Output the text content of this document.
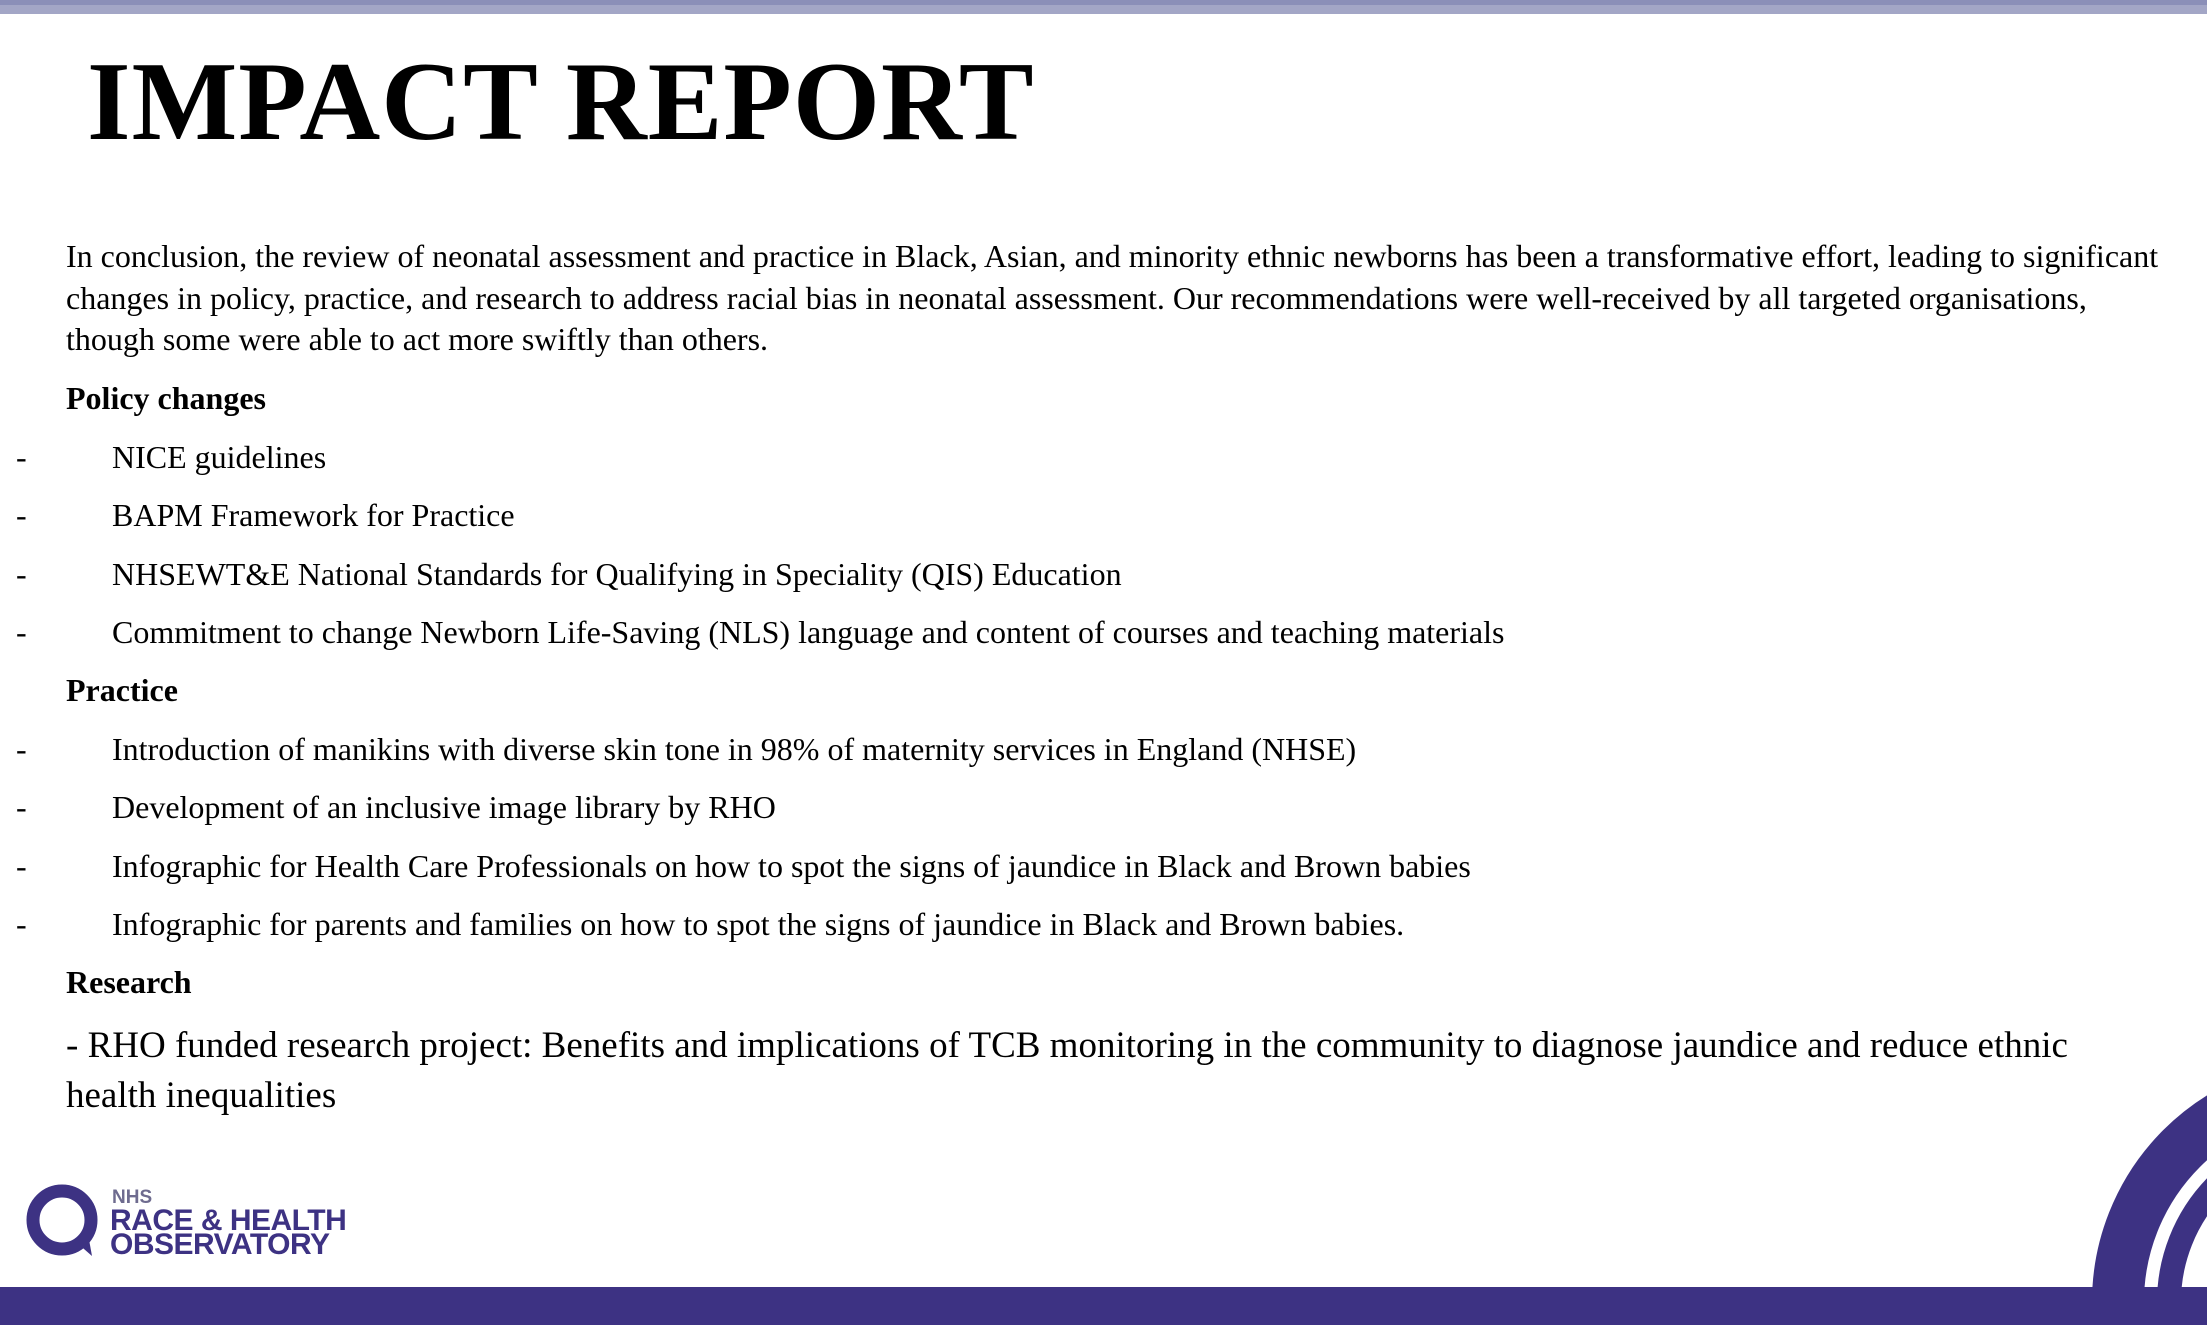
IMPACT REPORT

In conclusion, the review of neonatal assessment and practice in Black, Asian, and minority ethnic newborns has been a transformative effort, leading to significant changes in policy, practice, and research to address racial bias in neonatal assessment. Our recommendations were well-received by all targeted organisations, though some were able to act more swiftly than others.

Policy changes
-	NICE guidelines
-	BAPM Framework for Practice
-	NHSEWT&E National Standards for Qualifying in Speciality (QIS) Education
-	Commitment to change Newborn Life-Saving (NLS) language and content of courses and teaching materials
Practice
-	Introduction of manikins with diverse skin tone in 98% of maternity services in England (NHSE)
-	Development of an inclusive image library by RHO
-	Infographic for Health Care Professionals on how to spot the signs of jaundice in Black and Brown babies
-	Infographic for parents and families on how to spot the signs of jaundice in Black and Brown babies.
Research

- RHO funded research project: Benefits and implications of TCB monitoring in the community to diagnose jaundice and reduce ethnic health inequalities

NHS
RACE & HEALTH
OBSERVATORY
